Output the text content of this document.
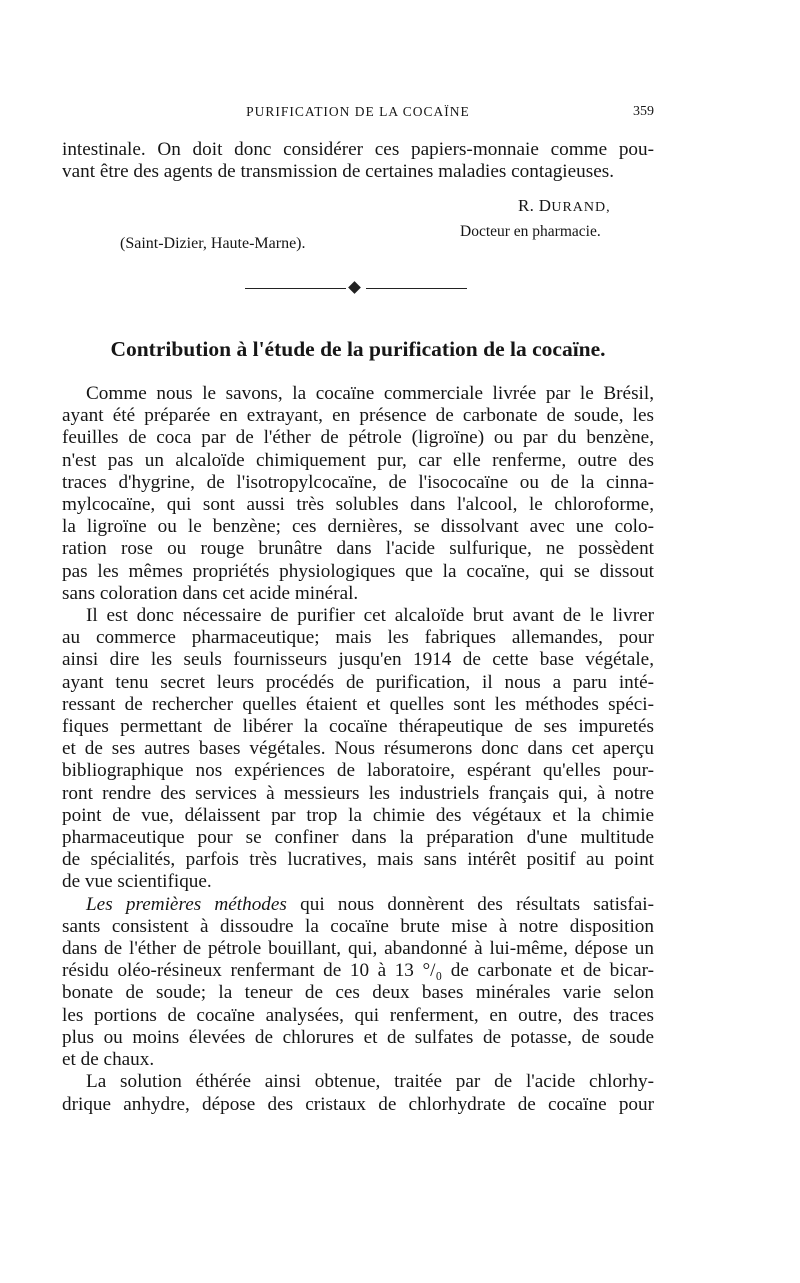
PURIFICATION DE LA COCAÏNE	359
intestinale. On doit donc considérer ces papiers-monnaie comme pou-
vant être des agents de transmission de certaines maladies contagieuses.
R. DURAND,
Docteur en pharmacie.
(Saint-Dizier, Haute-Marne).
Contribution à l'étude de la purification de la cocaïne.
Comme nous le savons, la cocaïne commerciale livrée par le Brésil,
ayant été préparée en extrayant, en présence de carbonate de soude, les
feuilles de coca par de l'éther de pétrole (ligroïne) ou par du benzène,
n'est pas un alcaloïde chimiquement pur, car elle renferme, outre des
traces d'hygrine, de l'isotropylcocaïne, de l'isococaïne ou de la cinna-
mylcocaïne, qui sont aussi très solubles dans l'alcool, le chloroforme,
la ligroïne ou le benzène; ces dernières, se dissolvant avec une colo-
ration rose ou rouge brunâtre dans l'acide sulfurique, ne possèdent
pas les mêmes propriétés physiologiques que la cocaïne, qui se dissout
sans coloration dans cet acide minéral.
Il est donc nécessaire de purifier cet alcaloïde brut avant de le livrer
au commerce pharmaceutique; mais les fabriques allemandes, pour
ainsi dire les seuls fournisseurs jusqu'en 1914 de cette base végétale,
ayant tenu secret leurs procédés de purification, il nous a paru inté-
ressant de rechercher quelles étaient et quelles sont les méthodes spéci-
fiques permettant de libérer la cocaïne thérapeutique de ses impuretés
et de ses autres bases végétales. Nous résumerons donc dans cet aperçu
bibliographique nos expériences de laboratoire, espérant qu'elles pour-
ront rendre des services à messieurs les industriels français qui, à notre
point de vue, délaissent par trop la chimie des végétaux et la chimie
pharmaceutique pour se confiner dans la préparation d'une multitude
de spécialités, parfois très lucratives, mais sans intérêt positif au point
de vue scientifique.
Les premières méthodes qui nous donnèrent des résultats satisfai-
sants consistent à dissoudre la cocaïne brute mise à notre disposition
dans de l'éther de pétrole bouillant, qui, abandonné à lui-même, dépose un
résidu oléo-résineux renfermant de 10 à 13 °/₀ de carbonate et de bicar-
bonate de soude; la teneur de ces deux bases minérales varie selon
les portions de cocaïne analysées, qui renferment, en outre, des traces
plus ou moins élevées de chlorures et de sulfates de potasse, de soude
et de chaux.
La solution éthérée ainsi obtenue, traitée par de l'acide chlorhy-
drique anhydre, dépose des cristaux de chlorhydrate de cocaïne pour
